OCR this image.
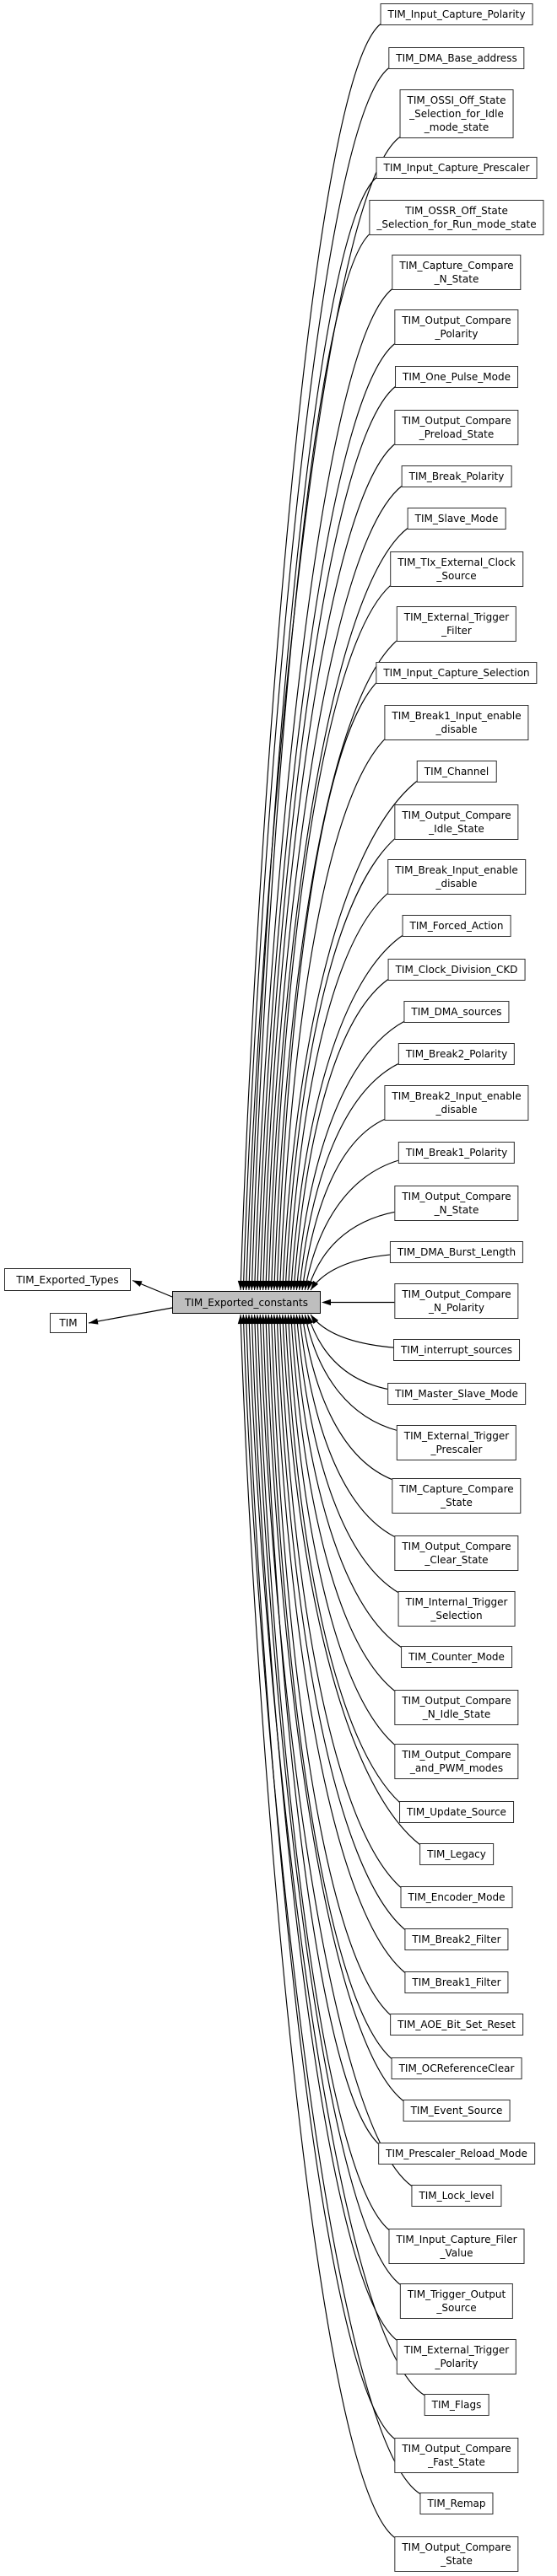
TIM_Exported_constants
TIM_Exported_Types
TIM
TIM_Input_Capture_Polarity
TIM_DMA_Base_address
TIM_OSSI_Off_State
_Selection_for_Idle
_mode_state
TIM_Input_Capture_Prescaler
TIM_OSSR_Off_State
_Selection_for_Run_mode_state
TIM_Capture_Compare
_N_State
TIM_Output_Compare
_Polarity
TIM_One_Pulse_Mode
TIM_Output_Compare
_Preload_State
TIM_Break_Polarity
TIM_Slave_Mode
TIM_TIx_External_Clock
_Source
TIM_External_Trigger
_Filter
TIM_Input_Capture_Selection
TIM_Break1_Input_enable
_disable
TIM_Channel
TIM_Output_Compare
_Idle_State
TIM_Break_Input_enable
_disable
TIM_Forced_Action
TIM_Clock_Division_CKD
TIM_DMA_sources
TIM_Break2_Polarity
TIM_Break2_Input_enable
_disable
TIM_Break1_Polarity
TIM_Output_Compare
_N_State
TIM_DMA_Burst_Length
TIM_Output_Compare
_N_Polarity
TIM_interrupt_sources
TIM_Master_Slave_Mode
TIM_External_Trigger
_Prescaler
TIM_Capture_Compare
_State
TIM_Output_Compare
_Clear_State
TIM_Internal_Trigger
_Selection
TIM_Counter_Mode
TIM_Output_Compare
_N_Idle_State
TIM_Output_Compare
_and_PWM_modes
TIM_Update_Source
TIM_Legacy
TIM_Encoder_Mode
TIM_Break2_Filter
TIM_Break1_Filter
TIM_AOE_Bit_Set_Reset
TIM_OCReferenceClear
TIM_Event_Source
TIM_Prescaler_Reload_Mode
TIM_Lock_level
TIM_Input_Capture_Filer
_Value
TIM_Trigger_Output
_Source
TIM_External_Trigger
_Polarity
TIM_Flags
TIM_Output_Compare
_Fast_State
TIM_Remap
TIM_Output_Compare
_State
